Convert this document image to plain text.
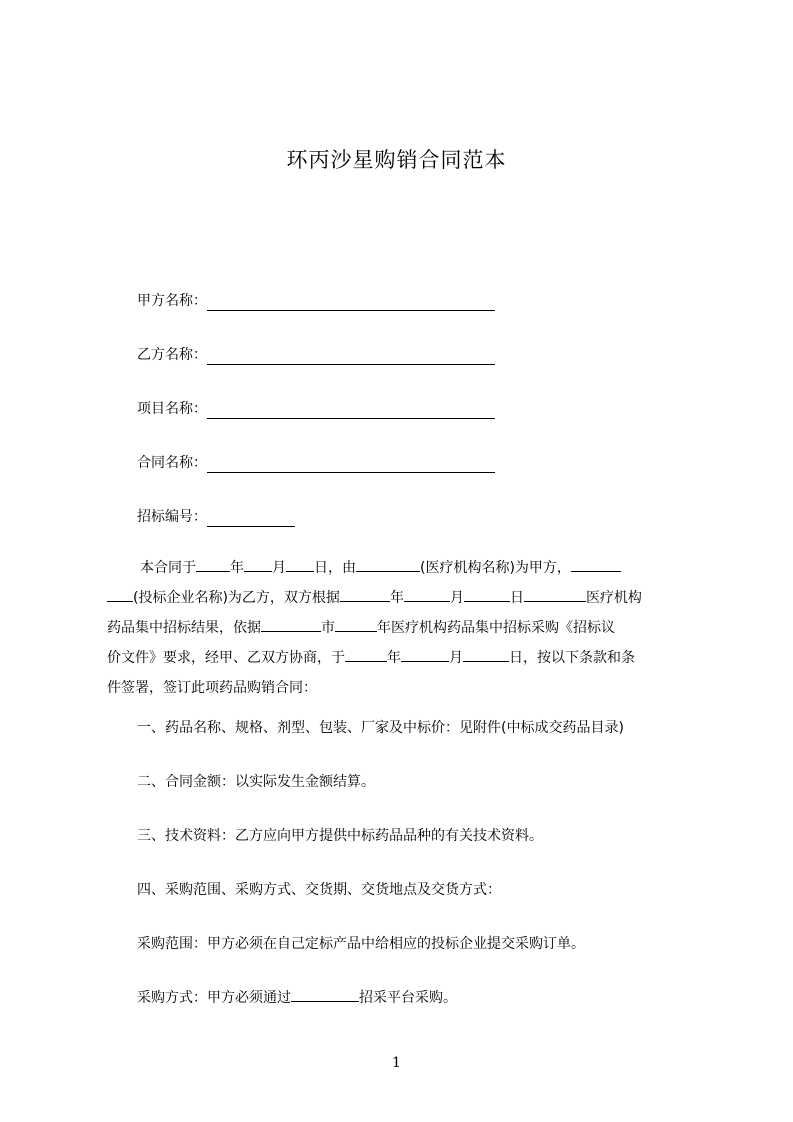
环丙沙星购销合同范本
甲方名称：
乙方名称：
项目名称：
合同名称：
招标编号：
本合同于 年 月 日，由	(医疗机构名称)为甲方，
(投标企业名称)为乙方，双方根据	年	月	日	医疗机构
药品集中招标结果，依据	市	年医疗机构药品集中招标采购《招标议
价文件》要求，经甲、乙双方协商，于	年	月	日，按以下条款和条
件签署，签订此项药品购销合同：
一、药品名称、规格、剂型、包装、厂家及中标价：见附件(中标成交药品目录)
二、合同金额：以实际发生金额结算。
三、技术资料：乙方应向甲方提供中标药品品种的有关技术资料。
四、采购范围、采购方式、交货期、交货地点及交货方式：
采购范围：甲方必须在自己定标产品中给相应的投标企业提交采购订单。
采购方式：甲方必须通过	招采平台采购。
1
